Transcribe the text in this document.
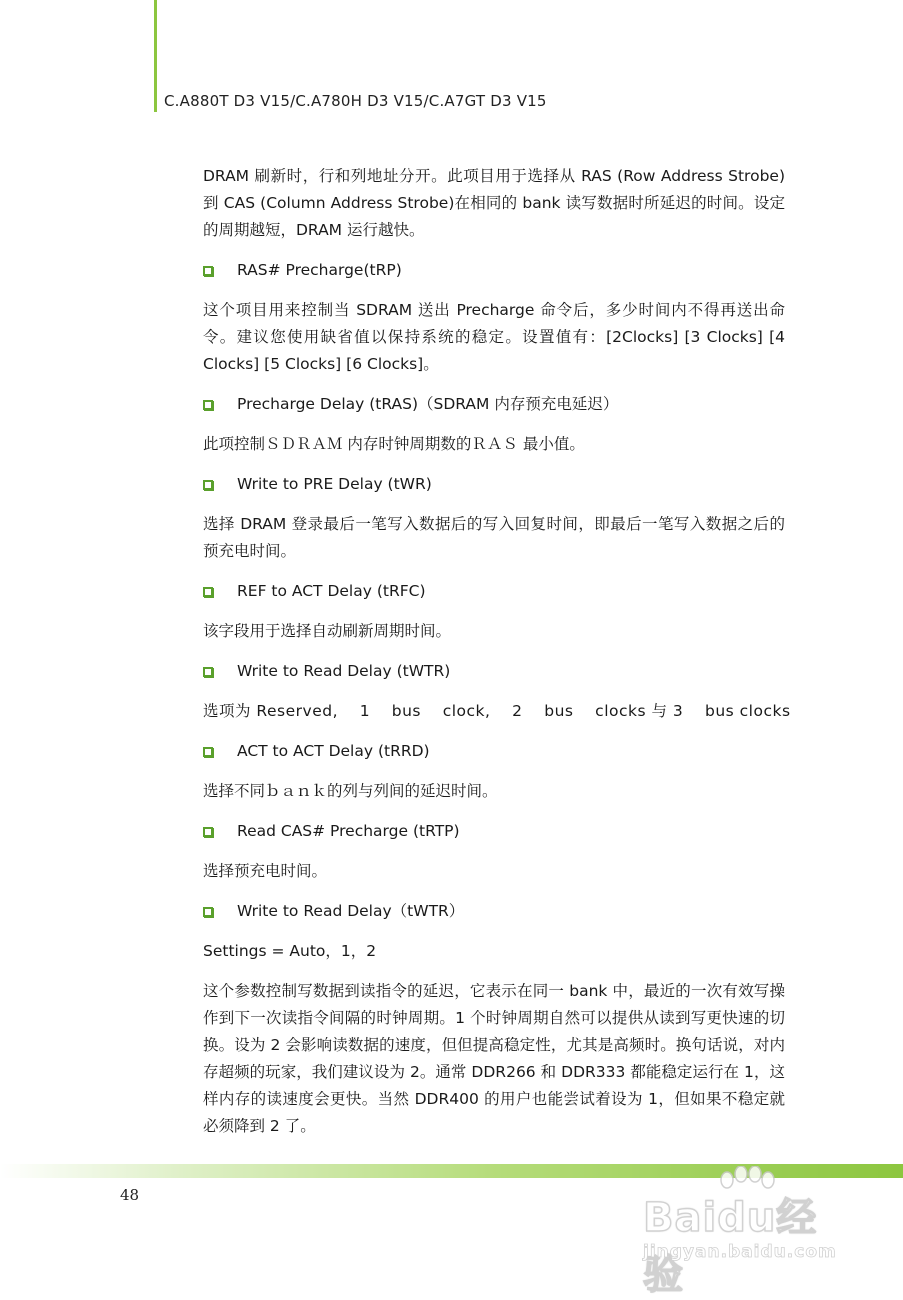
C.A880T D3 V15/C.A780H D3 V15/C.A7GT D3 V15

DRAM 刷新时，行和列地址分开。此项目用于选择从 RAS (Row Address Strobe) 到 CAS (Column Address Strobe)在相同的 bank 读写数据时所延迟的时间。设定的周期越短，DRAM 运行越快。

RAS# Precharge(tRP)

这个项目用来控制当 SDRAM 送出 Precharge 命令后，多少时间内不得再送出命令。建议您使用缺省值以保持系统的稳定。设置值有：[2Clocks] [3 Clocks] [4 Clocks] [5 Clocks] [6 Clocks]。

Precharge Delay (tRAS)（SDRAM 内存预充电延迟）

此项控制ＳＤＲＡＭ 内存时钟周期数的ＲＡＳ 最小值。

Write to PRE Delay (tWR)

选择 DRAM 登录最后一笔写入数据后的写入回复时间，即最后一笔写入数据之后的预充电时间。

REF to ACT Delay (tRFC)

该字段用于选择自动刷新周期时间。

Write to Read Delay (tWTR)

选项为 Reserved,    1    bus    clock,    2    bus    clocks 与 3    bus clocks

ACT to ACT Delay (tRRD)

选择不同ｂａｎｋ的列与列间的延迟时间。

Read CAS# Precharge (tRTP)

选择预充电时间。

Write to Read Delay（tWTR）

Settings = Auto，1，2

这个参数控制写数据到读指令的延迟，它表示在同一 bank 中，最近的一次有效写操作到下一次读指令间隔的时钟周期。1 个时钟周期自然可以提供从读到写更快速的切换。设为 2 会影响读数据的速度，但但提高稳定性，尤其是高频时。换句话说，对内存超频的玩家，我们建议设为 2。通常 DDR266 和 DDR333 都能稳定运行在 1，这样内存的读速度会更快。当然 DDR400 的用户也能尝试着设为 1，但如果不稳定就必须降到 2 了。

48	Baidu经验
jingyan.baidu.com
